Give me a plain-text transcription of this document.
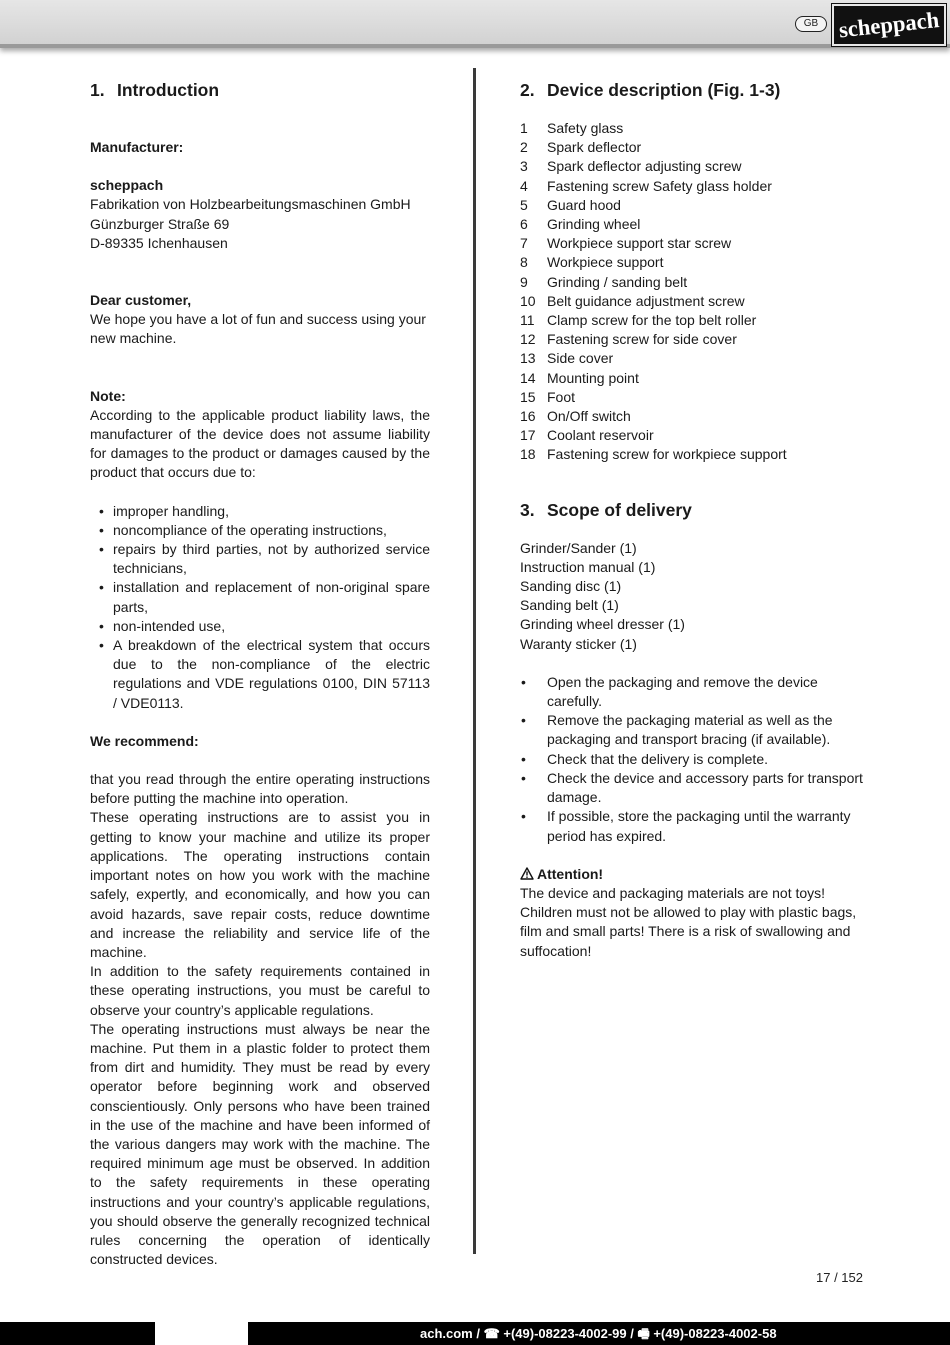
GB scheppach
1. Introduction

Manufacturer:

scheppach

Fabrikation von Holzbearbeitungsmaschinen GmbH

Günzburger Straße 69

D-89335 Ichenhausen

Dear customer,

We hope you have a lot of fun and success using your new machine.

Note:

According to the applicable product liability laws, the manufacturer of the device does not assume liability for damages to the product or damages caused by the product that occurs due to:

• improper handling,
• noncompliance of the operating instructions,
• repairs by third parties, not by authorized service technicians,
• installation and replacement of non-original spare parts,
• non-intended use,
• A breakdown of the electrical system that occurs due to the non-compliance of the electric regulations and VDE regulations 0100, DIN 57113 / VDE0113.

We recommend:

that you read through the entire operating instructions before putting the machine into operation.

These operating instructions are to assist you in getting to know your machine and utilize its proper applications. The operating instructions contain important notes on how you work with the machine safely, expertly, and economically, and how you can avoid hazards, save repair costs, reduce downtime and increase the reliability and service life of the machine.

In addition to the safety requirements contained in these operating instructions, you must be careful to observe your country’s applicable regulations.

The operating instructions must always be near the machine. Put them in a plastic folder to protect them from dirt and humidity. They must be read by every operator before beginning work and observed conscientiously. Only persons who have been trained in the use of the machine and have been informed of the various dangers may work with the machine. The required minimum age must be observed. In addition to the safety requirements in these operating instructions and your country’s applicable regulations, you should observe the generally recognized technical rules concerning the operation of identically constructed devices.

2. Device description (Fig. 1-3)
1	Safety glass
2	Spark deflector
3	Spark deflector adjusting screw
4	Fastening screw Safety glass holder
5	Guard hood
6	Grinding wheel
7	Workpiece support star screw
8	Workpiece support
9	Grinding / sanding belt
10 Belt guidance adjustment screw
11 Clamp screw for the top belt roller
12 Fastening screw for side cover
13 Side cover
14 Mounting point
15 Foot
16 On/Off switch
17 Coolant reservoir
18 Fastening screw for workpiece support
3. Scope of delivery

Grinder/Sander (1)

Instruction manual (1)

Sanding disc (1)

Sanding belt (1)

Grinding wheel dresser (1)

Waranty sticker (1)

• Open the packaging and remove the device carefully.
• Remove the packaging material as well as the packaging and transport bracing (if available).
• Check that the delivery is complete.
• Check the device and accessory parts for transport damage.
• If possible, store the packaging until the warranty period has expired.

Attention!

The device and packaging materials are not toys! Children must not be allowed to play with plastic bags, film and small parts! There is a risk of swallowing and suffocation!

17 / 152
ach.com / ☎ +(49)-08223-4002-99 / 🖷 +(49)-08223-4002-58
